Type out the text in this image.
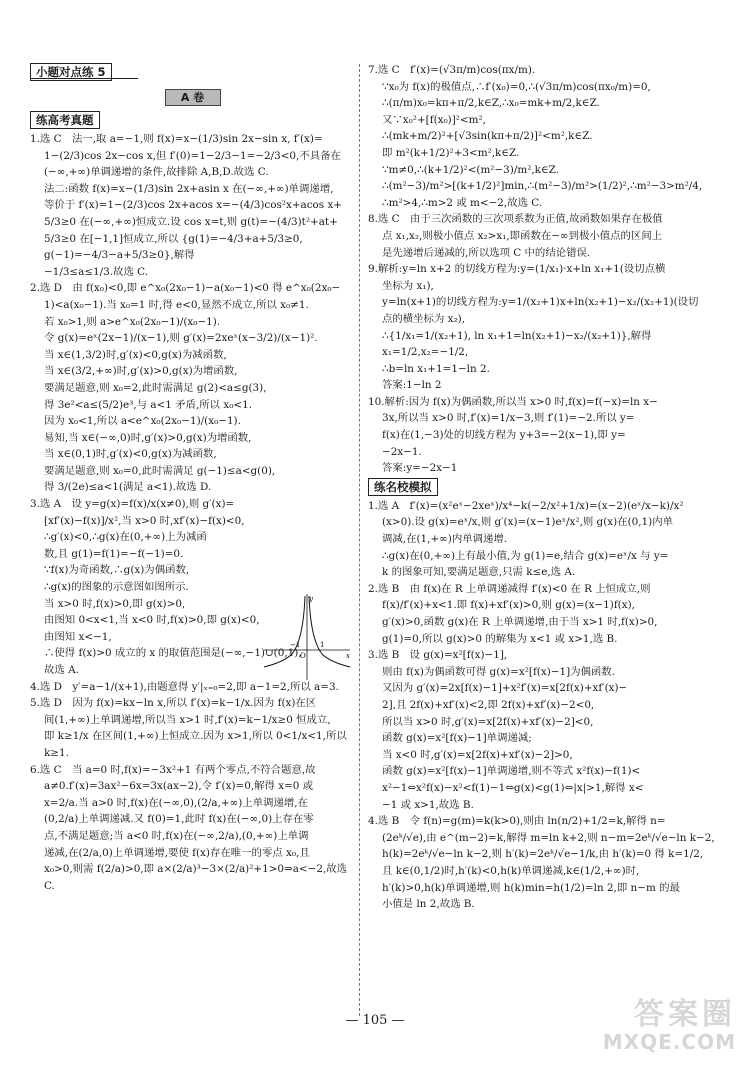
小题对点练 5
A 卷
练高考真题

1.选 C　法一,取 a=−1,则 f(x)=x−(1/3)sin 2x−sin x, f′(x)=

1−(2/3)cos 2x−cos x,但 f′(0)=1−2/3−1=−2/3<0,不具备在

(−∞,+∞)单调递增的条件,故排除 A,B,D.故选 C.

法二:函数 f(x)=x−(1/3)sin 2x+asin x 在(−∞,+∞)单调递增,

等价于 f′(x)=1−(2/3)cos 2x+acos x=−(4/3)cos²x+acos x+

5/3≥0 在(−∞,+∞)恒成立.设 cos x=t,则 g(t)=−(4/3)t²+at+

5/3≥0 在[−1,1]恒成立,所以 {g(1)=−4/3+a+5/3≥0, g(−1)=−4/3−a+5/3≥0},解得

−1/3≤a≤1/3.故选 C.

2.选 D　由 f(x₀)<0,即 e^x₀(2x₀−1)−a(x₀−1)<0 得 e^x₀(2x₀−

1)<a(x₀−1).当 x₀=1 时,得 e<0,显然不成立,所以 x₀≠1.

若 x₀>1,则 a>e^x₀(2x₀−1)/(x₀−1).

令 g(x)=eˣ(2x−1)/(x−1),则 g′(x)=2xeˣ(x−3/2)/(x−1)².

当 x∈(1,3/2)时,g′(x)<0,g(x)为减函数,

当 x∈(3/2,+∞)时,g′(x)>0,g(x)为增函数,

要满足题意,则 x₀=2,此时需满足 g(2)<a≤g(3),

得 3e²<a≤(5/2)e³,与 a<1 矛盾,所以 x₀<1.

因为 x₀<1,所以 a<e^x₀(2x₀−1)/(x₀−1).

易知,当 x∈(−∞,0)时,g′(x)>0,g(x)为增函数,

当 x∈(0,1)时,g′(x)<0,g(x)为减函数,

要满足题意,则 x₀=0,此时需满足 g(−1)≤a<g(0),

得 3/(2e)≤a<1(满足 a<1).故选 D.

3.选 A　设 y=g(x)=f(x)/x(x≠0),则 g′(x)=

[xf′(x)−f(x)]/x²,当 x>0 时,xf′(x)−f(x)<0,

∴g′(x)<0,∴g(x)在(0,+∞)上为减函

数,且 g(1)=f(1)=−f(−1)=0.

∵f(x)为奇函数,∴g(x)为偶函数,

∴g(x)的图象的示意图如图所示.

当 x>0 时,f(x)>0,即 g(x)>0,

由图知 0<x<1,当 x<0 时,f(x)>0,即 g(x)<0,

由图知 x<−1,

∴使得 f(x)>0 成立的 x 的取值范围是(−∞,−1)∪(0,1),

故选 A.

4.选 D　y′=a−1/(x+1),由题意得 y′|ₓ₌₀=2,即 a−1=2,所以 a=3.

5.选 D　因为 f(x)=kx−ln x,所以 f′(x)=k−1/x.因为 f(x)在区

间(1,+∞)上单调递增,所以当 x>1 时,f′(x)=k−1/x≥0 恒成立,

即 k≥1/x 在区间(1,+∞)上恒成立.因为 x>1,所以 0<1/x<1,所以

k≥1.

6.选 C　当 a=0 时,f(x)=−3x²+1 有两个零点,不符合题意,故

a≠0.f′(x)=3ax²−6x=3x(ax−2),令 f′(x)=0,解得 x=0 或

x=2/a.当 a>0 时,f(x)在(−∞,0),(2/a,+∞)上单调递增,在

(0,2/a)上单调递减.又 f(0)=1,此时 f(x)在(−∞,0)上存在零

点,不满足题意;当 a<0 时,f(x)在(−∞,2/a),(0,+∞)上单调

递减,在(2/a,0)上单调递增,要使 f(x)存在唯一的零点 x₀,且

x₀>0,则需 f(2/a)>0,即 a×(2/a)³−3×(2/a)²+1>0⇒a<−2,故选 C.

7.选 C　f′(x)=(√3π/m)cos(πx/m).

∵x₀为 f(x)的极值点,∴f′(x₀)=0,∴(√3π/m)cos(πx₀/m)=0,

∴(π/m)x₀=kπ+π/2,k∈Z,∴x₀=mk+m/2,k∈Z.

又∵x₀²+[f(x₀)]²<m²,

∴(mk+m/2)²+[√3sin(kπ+π/2)]²<m²,k∈Z.

即 m²(k+1/2)²+3<m²,k∈Z.

∵m≠0,∴(k+1/2)²<(m²−3)/m²,k∈Z.

∴(m²−3)/m²>[(k+1/2)²]min,∴(m²−3)/m²>(1/2)²,∴m²−3>m²/4,

∴m²>4,∴m>2 或 m<−2,故选 C.

8.选 C　由于三次函数的三次项系数为正值,故函数如果存在极值

点 x₁,x₂,则极小值点 x₂>x₁,即函数在−∞到极小值点的区间上

是先递增后递减的,所以选项 C 中的结论错误.

9.解析:y=ln x+2 的切线方程为:y=(1/x₁)·x+ln x₁+1(设切点横

坐标为 x₁),

y=ln(x+1)的切线方程为:y=1/(x₂+1)x+ln(x₂+1)−x₂/(x₂+1)(设切

点的横坐标为 x₂),

∴{1/x₁=1/(x₂+1), ln x₁+1=ln(x₂+1)−x₂/(x₂+1)},解得 x₁=1/2,x₂=−1/2,

∴b=ln x₁+1=1−ln 2.

答案:1−ln 2

10.解析:因为 f(x)为偶函数,所以当 x>0 时,f(x)=f(−x)=ln x−

3x,所以当 x>0 时,f′(x)=1/x−3,则 f′(1)=−2.所以 y=

f(x)在(1,−3)处的切线方程为 y+3=−2(x−1),即 y=

−2x−1.

答案:y=−2x−1

练名校模拟

1.选 A　f′(x)=(x²eˣ−2xeˣ)/x⁴−k(−2/x²+1/x)=(x−2)(eˣ/x−k)/x²

(x>0).设 g(x)=eˣ/x,则 g′(x)=(x−1)eˣ/x²,则 g(x)在(0,1)内单

调减,在(1,+∞)内单调递增.

∴g(x)在(0,+∞)上有最小值,为 g(1)=e,结合 g(x)=eˣ/x 与 y=

k 的图象可知,要满足题意,只需 k≤e,选 A.

2.选 B　由 f(x)在 R 上单调递减得 f′(x)<0 在 R 上恒成立,则

f(x)/f′(x)+x<1.即 f(x)+xf′(x)>0,则 g(x)=(x−1)f(x),

g′(x)>0,函数 g(x)在 R 上单调递增,由于当 x>1 时,f(x)>0,

g(1)=0,所以 g(x)>0 的解集为 x<1 或 x>1,选 B.

3.选 B　设 g(x)=x²[f(x)−1],

则由 f(x)为偶函数可得 g(x)=x²[f(x)−1]为偶函数.

又因为 g′(x)=2x[f(x)−1]+x²f′(x)=x[2f(x)+xf′(x)−

2],且 2f(x)+xf′(x)<2,即 2f(x)+xf′(x)−2<0,

所以当 x>0 时,g′(x)=x[2f(x)+xf′(x)−2]<0,

函数 g(x)=x²[f(x)−1]单调递减;

当 x<0 时,g′(x)=x[2f(x)+xf′(x)−2]>0,

函数 g(x)=x²[f(x)−1]单调递增,则不等式 x²f(x)−f(1)<

x²−1⇔x²f(x)−x²<f(1)−1⇔g(x)<g(1)⇔|x|>1,解得 x<

−1 或 x>1,故选 B.

4.选 B　令 f(n)=g(m)=k(k>0),则由 ln(n/2)+1/2=k,解得 n=

(2eᵏ/√e),由 e^(m−2)=k,解得 m=ln k+2,则 n−m=2eᵏ/√e−ln k−2,

h(k)=2eᵏ/√e−ln k−2,则 h′(k)=2eᵏ/√e−1/k,由 h′(k)=0 得 k=1/2,

且 k∈(0,1/2)时,h′(k)<0,h(k)单调递减,k∈(1/2,+∞)时,

h′(k)>0,h(k)单调递增,则 h(k)min=h(1/2)=ln 2,即 n−m 的最

小值是 ln 2,故选 B.

−1	1
O	x
y
— 105 —	答案圈
MXQE.COM
